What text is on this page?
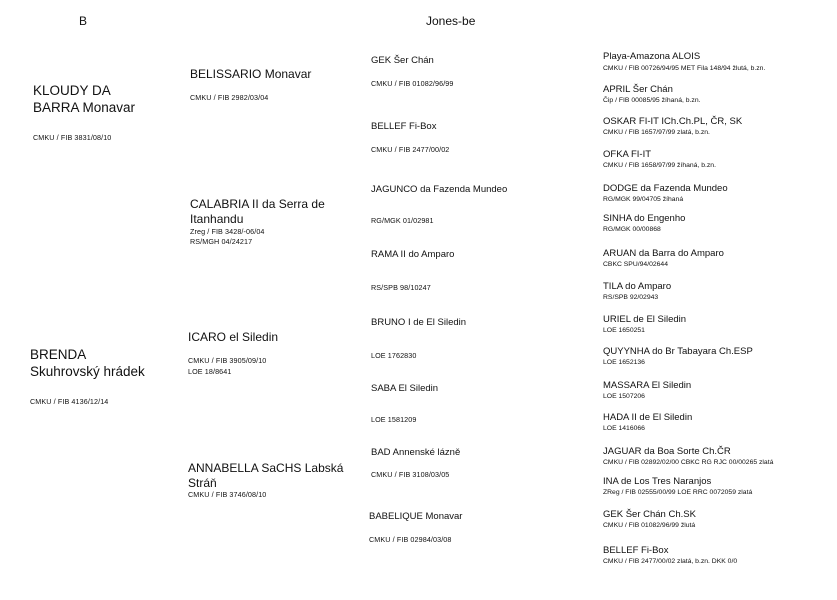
B	Jones-be
KLOUDY DA
BARRA Monavar
CMKU / FIB 3831/08/10
BRENDA
Skuhrovský hrádek
CMKU / FIB 4136/12/14
BELISSARIO Monavar
CMKU / FIB 2982/03/04
CALABRIA II da Serra de
Itanhandu
Zreg / FIB 3428/-06/04
RS/MGH 04/24217
ICARO el Siledin
CMKU / FIB 3905/09/10
LOE 18/8641
ANNABELLA SaCHS Labská
Stráň
CMKU / FIB 3746/08/10
GEK Šer Chán
CMKU / FIB 01082/96/99
BELLEF Fi-Box
CMKU / FIB 2477/00/02
JAGUNCO da Fazenda Mundeo
RG/MGK 01/02981
RAMA II do Amparo
RS/SPB 98/10247
BRUNO I de El Siledin
LOE 1762830
SABA El Siledin
LOE 1581209
BAD Annenské lázně
CMKU / FIB 3108/03/05
BABELIQUE Monavar
CMKU / FIB 02984/03/08
Playa-Amazona ALOIS
CMKU / FIB 00726/94/95 MET Fila 148/94 žlutá, b.zn.
APRIL Šer Chán
Čip / FIB 00085/95 žíhaná, b.zn.
OSKAR FI-IT ICh.Ch.PL, ČR, SK
CMKU / FIB 1657/97/99 zlatá, b.zn.
OFKA FI-IT
CMKU / FIB 1658/97/99 žíhaná, b.zn.
DODGE da Fazenda Mundeo
RG/MGK 99/04705 žíhaná
SINHA do Engenho
RG/MGK 00/00868
ARUAN da Barra do Amparo
CBKC SPU/94/02644
TILA do Amparo
RS/SPB 92/02943
URIEL de El Siledin
LOE 1650251
QUYYNHA do Br Tabayara Ch.ESP
LOE 1652136
MASSARA El Siledin
LOE 1507206
HADA II de El Siledin
LOE 1416066
JAGUAR da Boa Sorte Ch.ČR
CMKU / FIB 02892/02/00 CBKC RG RJC 00/00265 zlatá
INA de Los Tres Naranjos
ZReg / FIB 02555/00/99 LOE RRC 0072059 zlatá
GEK Šer Chán Ch.SK
CMKU / FIB 01082/96/99 žlutá
BELLEF Fi-Box
CMKU / FIB 2477/00/02 zlatá, b.zn. DKK 0/0
